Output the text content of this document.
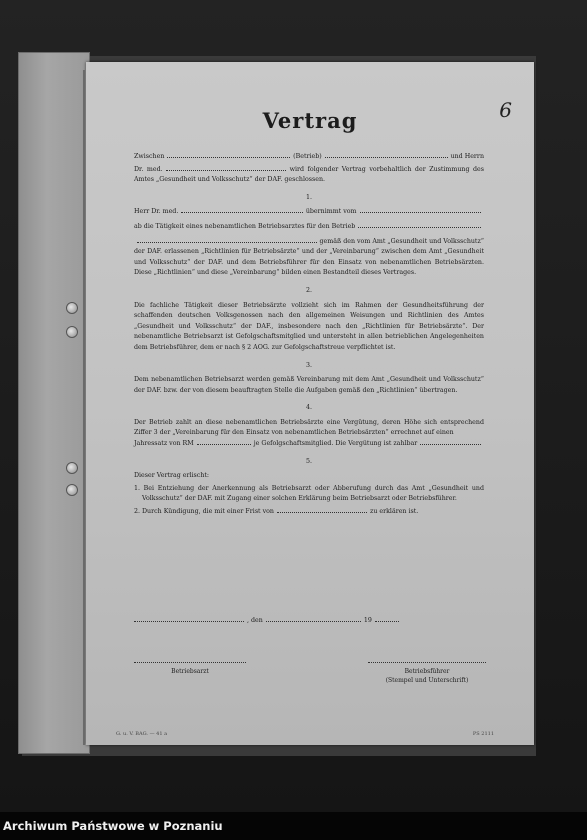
6
Vertrag
Zwischen	(Betrieb)	und Herrn

Dr. med.	wird folgender Vertrag vorbehaltlich der Zustimmung des Amtes „Gesundheit und Volksschutz“ der DAF. geschlossen.

1.
Herr Dr. med.	übernimmt vom
ab die Tätigkeit eines nebenamtlichen Betriebsarztes für den Betrieb
gemäß den vom Amt „Gesundheit und Volksschutz“

der DAF. erlassenen „Richtlinien für Betriebsärzte“ und der „Vereinbarung“ zwischen dem Amt „Gesundheit und Volksschutz“ der DAF. und dem Betriebsführer für den Einsatz von nebenamtlichen Betriebsärzten. Diese „Richtlinien“ und diese „Vereinbarung“ bilden einen Bestandteil dieses Vertrages.

2.

Die fachliche Tätigkeit dieser Betriebsärzte vollzieht sich im Rahmen der Gesundheitsführung der schaffenden deutschen Volksgenossen nach den allgemeinen Weisungen und Richtlinien des Amtes „Gesundheit und Volksschutz“ der DAF., insbesondere nach den „Richtlinien für Betriebsärzte“. Der nebenamtliche Betriebsarzt ist Gefolgschaftsmitglied und untersteht in allen betrieblichen Angelegenheiten dem Betriebsführer, dem er nach § 2 AOG. zur Gefolgschaftstreue verpflichtet ist.

3.

Dem nebenamtlichen Betriebsarzt werden gemäß Vereinbarung mit dem Amt „Gesundheit und Volksschutz“ der DAF. bzw. der von diesem beauftragten Stelle die Aufgaben gemäß den „Richtlinien“ übertragen.

4.

Der Betrieb zahlt an diese nebenamtlichen Betriebsärzte eine Vergütung, deren Höhe sich entsprechend Ziffer 3 der „Vereinbarung für den Einsatz von nebenamtlichen Betriebsärzten“ errechnet auf einen

Jahressatz von RM	je Gefolgschaftsmitglied. Die Vergütung ist zahlbar
5.

Dieser Vertrag erlischt:

1. Bei Entziehung der Anerkennung als Betriebsarzt oder Abberufung durch das Amt „Gesundheit und Volksschutz“ der DAF. mit Zugang einer solchen Erklärung beim Betriebsarzt oder Betriebsführer.

2. Durch Kündigung, die mit einer Frist von	zu erklären ist.
, den	19
Betriebsarzt	Betriebsführer
(Stempel und Unterschrift)
G. u. V. BAG. — 41 a	PS 2111
Archiwum Państwowe w Poznaniu
